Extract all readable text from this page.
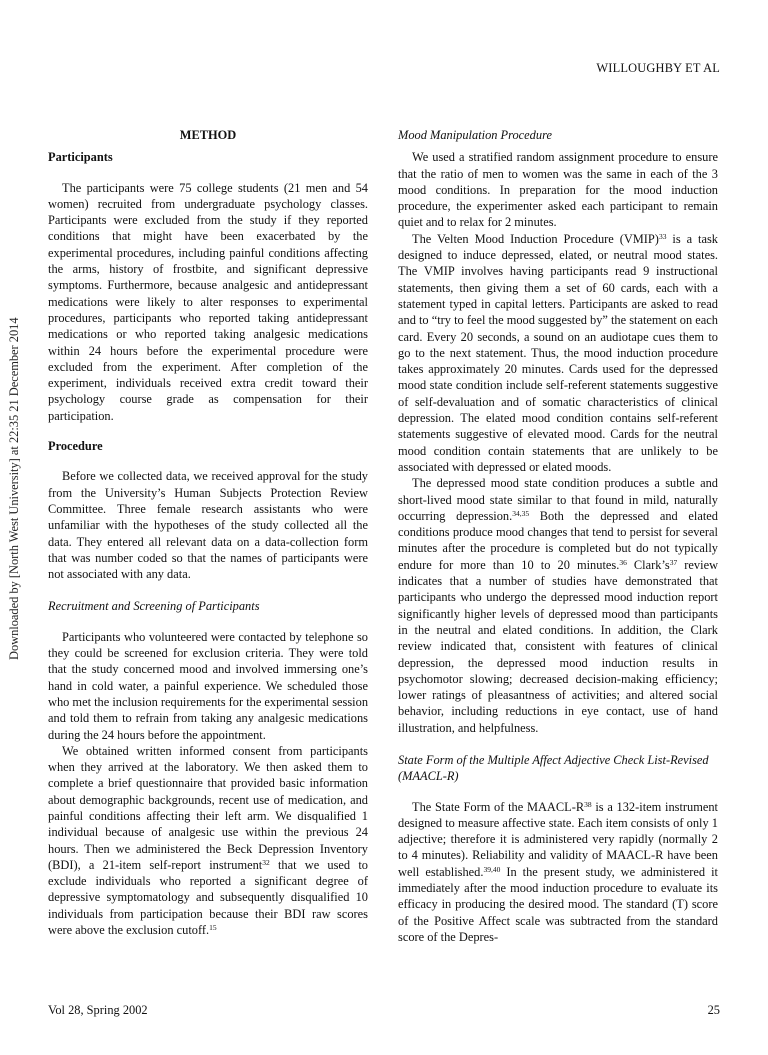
WILLOUGHBY ET AL
Downloaded by [North West University] at 22:35 21 December 2014
METHOD
Participants

The participants were 75 college students (21 men and 54 women) recruited from undergraduate psychology classes. Participants were excluded from the study if they reported conditions that might have been exacerbated by the experimental procedures, including painful conditions affecting the arms, history of frostbite, and significant depressive symptoms. Furthermore, because analgesic and antidepressant medications were likely to alter responses to experimental procedures, participants who reported taking antidepressant medications or who reported taking analgesic medications within 24 hours before the experimental procedure were excluded from the experiment. After completion of the experiment, individuals received extra credit toward their psychology course grade as compensation for their participation.

Procedure

Before we collected data, we received approval for the study from the University’s Human Subjects Protection Review Committee. Three female research assistants who were unfamiliar with the hypotheses of the study collected all the data. They entered all relevant data on a data-collection form that was number coded so that the names of participants were not associated with any data.

Recruitment and Screening of Participants

Participants who volunteered were contacted by telephone so they could be screened for exclusion criteria. They were told that the study concerned mood and involved immersing one’s hand in cold water, a painful experience. We scheduled those who met the inclusion requirements for the experimental session and told them to refrain from taking any analgesic medications during the 24 hours before the appointment.

We obtained written informed consent from participants when they arrived at the laboratory. We then asked them to complete a brief questionnaire that provided basic information about demographic backgrounds, recent use of medication, and painful conditions affecting their left arm. We disqualified 1 individual because of analgesic use within the previous 24 hours. Then we administered the Beck Depression Inventory (BDI), a 21-item self-report instrument$^{32}$ that we used to exclude individuals who reported a significant degree of depressive symptomatology and subsequently disqualified 10 individuals from participation because their BDI raw scores were above the exclusion cutoff.$^{15}$

Mood Manipulation Procedure

We used a stratified random assignment procedure to ensure that the ratio of men to women was the same in each of the 3 mood conditions. In preparation for the mood induction procedure, the experimenter asked each participant to remain quiet and to relax for 2 minutes.

The Velten Mood Induction Procedure (VMIP)$^{33}$ is a task designed to induce depressed, elated, or neutral mood states. The VMIP involves having participants read 9 instructional statements, then giving them a set of 60 cards, each with a statement typed in capital letters. Participants are asked to read and to “try to feel the mood suggested by” the statement on each card. Every 20 seconds, a sound on an audiotape cues them to go to the next statement. Thus, the mood induction procedure takes approximately 20 minutes. Cards used for the depressed mood state condition include self-referent statements suggestive of self-devaluation and of somatic characteristics of clinical depression. The elated mood condition contains self-referent statements suggestive of elevated mood. Cards for the neutral mood condition contain statements that are unlikely to be associated with depressed or elated moods.

The depressed mood state condition produces a subtle and short-lived mood state similar to that found in mild, naturally occurring depression.$^{34,35}$ Both the depressed and elated conditions produce mood changes that tend to persist for several minutes after the procedure is completed but do not typically endure for more than 10 to 20 minutes.$^{36}$ $Clark’s^{37}$ review indicates that a number of studies have demonstrated that participants who undergo the depressed mood induction report significantly higher levels of depressed mood than participants in the neutral and elated conditions. In addition, the Clark review indicated that, consistent with features of clinical depression, the depressed mood induction results in psychomotor slowing; decreased decision-making efficiency; lower ratings of pleasantness of activities; and altered social behavior, including reductions in eye contact, use of hand illustration, and helpfulness.

State Form of the Multiple Affect Adjective Check List-Revised (MAACL-R)

The State Form of the MAACL-$R^{38}$ is a 132-item instrument designed to measure affective state. Each item consists of only 1 adjective; therefore it is administered very rapidly (normally 2 to 4 minutes). Reliability and validity of MAACL-R have been well established.$^{39,40}$ In the present study, we administered it immediately after the mood induction procedure to evaluate its efficacy in producing the desired mood. The standard (T) score of the Positive Affect scale was subtracted from the standard score of the Depres-

Vol 28, Spring 2002	25
